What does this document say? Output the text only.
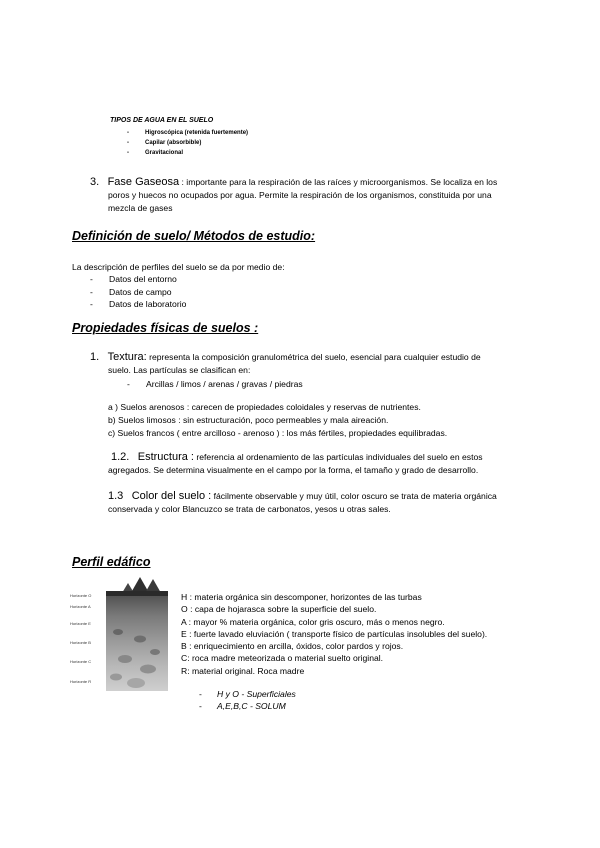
TIPOS DE AGUA EN EL SUELO
- Higroscópica (retenida fuertemente)
- Capilar (absorbible)
- Gravitacional
3. Fase Gaseosa : importante para la respiración de las raíces y microorganismos. Se localiza en los
poros y huecos no ocupados por agua. Permite la respiración de los organismos, constituida por una
mezcla de gases
Definición de suelo/ Métodos de estudio:
La descripción de perfiles del suelo se da por medio de:
- Datos del entorno
- Datos de campo
- Datos de laboratorio
Propiedades físicas de suelos :
1. Textura: representa la composición granulométrica del suelo, esencial para cualquier estudio de
suelo. Las partículas se clasifican en:
- Arcillas / limos / arenas / gravas / piedras
a ) Suelos arenosos : carecen de propiedades coloidales y reservas de nutrientes.
b) Suelos limosos : sin estructuración, poco permeables y mala aireación.
c) Suelos francos ( entre arcilloso - arenoso ) : los más fértiles, propiedades equilibradas.
1.2. Estructura : referencia al ordenamiento de las partículas individuales del suelo en estos
agregados. Se determina visualmente en el campo por la forma, el tamaño y grado de desarrollo.
1.3 Color del suelo : fácilmente observable y muy útil, color oscuro se trata de materia orgánica
conservada y color Blancuzco se trata de carbonatos, yesos u otras sales.
Perfil edáfico
Horizonte O
Horizonte A
Horizonte E
Horizonte B
Horizonte C
Horizonte R
H : materia orgánica sin descomponer, horizontes de las turbas
O : capa de hojarasca sobre la superficie del suelo.
A : mayor % materia orgánica, color gris oscuro, más o menos negro.
E : fuerte lavado eluviación ( transporte físico de partículas insolubles del suelo).
B : enriquecimiento en arcilla, óxidos, color pardos y rojos.
C: roca madre meteorizada o material suelto original.
R: material original. Roca madre
- H y O - Superficiales
- A,E,B,C - SOLUM
